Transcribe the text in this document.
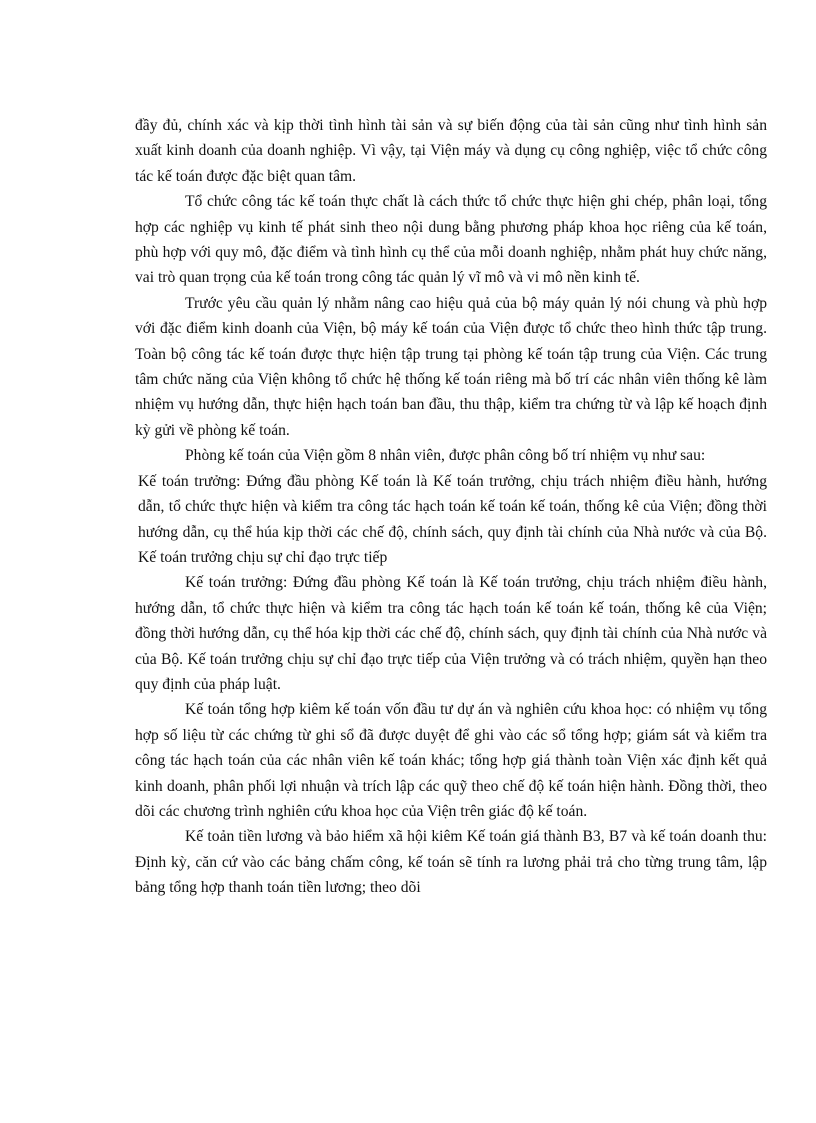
đầy đủ, chính xác và kịp thời tình hình tài sản và sự biến động của tài sản cũng như tình hình sản xuất kinh doanh của doanh nghiệp. Vì vậy, tại Viện máy và dụng cụ công nghiệp, việc tổ chức công tác kế toán được đặc biệt quan tâm.

Tổ chức công tác kế toán thực chất là cách thức tổ chức thực hiện ghi chép, phân loại, tổng hợp các nghiệp vụ kinh tế phát sinh theo nội dung bằng phương pháp khoa học riêng của kế toán, phù hợp với quy mô, đặc điểm và tình hình cụ thể của mỗi doanh nghiệp, nhằm phát huy chức năng, vai trò quan trọng của kế toán trong công tác quản lý vĩ mô và vi mô nền kinh tế.

Trước yêu cầu quản lý nhằm nâng cao hiệu quả của bộ máy quản lý nói chung và phù hợp với đặc điểm kinh doanh của Viện, bộ máy kế toán của Viện được tổ chức theo hình thức tập trung. Toàn bộ công tác kế toán được thực hiện tập trung tại phòng kế toán tập trung của Viện. Các trung tâm chức năng của Viện không tổ chức hệ thống kế toán riêng mà bố trí các nhân viên thống kê làm nhiệm vụ hướng dẫn, thực hiện hạch toán ban đầu, thu thập, kiểm tra chứng từ và lập kế hoạch định kỳ gửi về phòng kế toán.

Phòng kế toán của Viện gồm 8 nhân viên, được phân công bố trí nhiệm vụ như sau:

Kế toán trưởng: Đứng đầu phòng Kế toán là Kế toán trưởng, chịu trách nhiệm điều hành, hướng dẫn, tổ chức thực hiện và kiểm tra công tác hạch toán kế toán kế toán, thống kê của Viện; đồng thời hướng dẫn, cụ thể húa kịp thời các chế độ, chính sách, quy định tài chính của Nhà nước và của Bộ. Kế toán trưởng chịu sự chỉ đạo trực tiếp

Kế toán trưởng: Đứng đầu phòng Kế toán là Kế toán trưởng, chịu trách nhiệm điều hành, hướng dẫn, tổ chức thực hiện và kiểm tra công tác hạch toán kế toán kế toán, thống kê của Viện; đồng thời hướng dẫn, cụ thể hóa kịp thời các chế độ, chính sách, quy định tài chính của Nhà nước và của Bộ. Kế toán trưởng chịu sự chỉ đạo trực tiếp của Viện trưởng và có trách nhiệm, quyền hạn theo quy định của pháp luật.

Kế toán tổng hợp kiêm kế toán vốn đầu tư dự án và nghiên cứu khoa học: có nhiệm vụ tổng hợp số liệu từ các chứng từ ghi sổ đã được duyệt để ghi vào các sổ tổng hợp; giám sát và kiểm tra công tác hạch toán của các nhân viên kế toán khác; tổng hợp giá thành toàn Viện xác định kết quả kinh doanh, phân phối lợi nhuận và trích lập các quỹ theo chế độ kế toán hiện hành. Đồng thời, theo dõi các chương trình nghiên cứu khoa học của Viện trên giác độ kế toán.

Kế toản tiền lương và bảo hiểm xã hội kiêm Kế toán giá thành B3, B7 và kế toán doanh thu: Định kỳ, căn cứ vào các bảng chấm công, kế toán sẽ tính ra lương phải trả cho từng trung tâm, lập bảng tổng hợp thanh toán tiền lương; theo dõi
